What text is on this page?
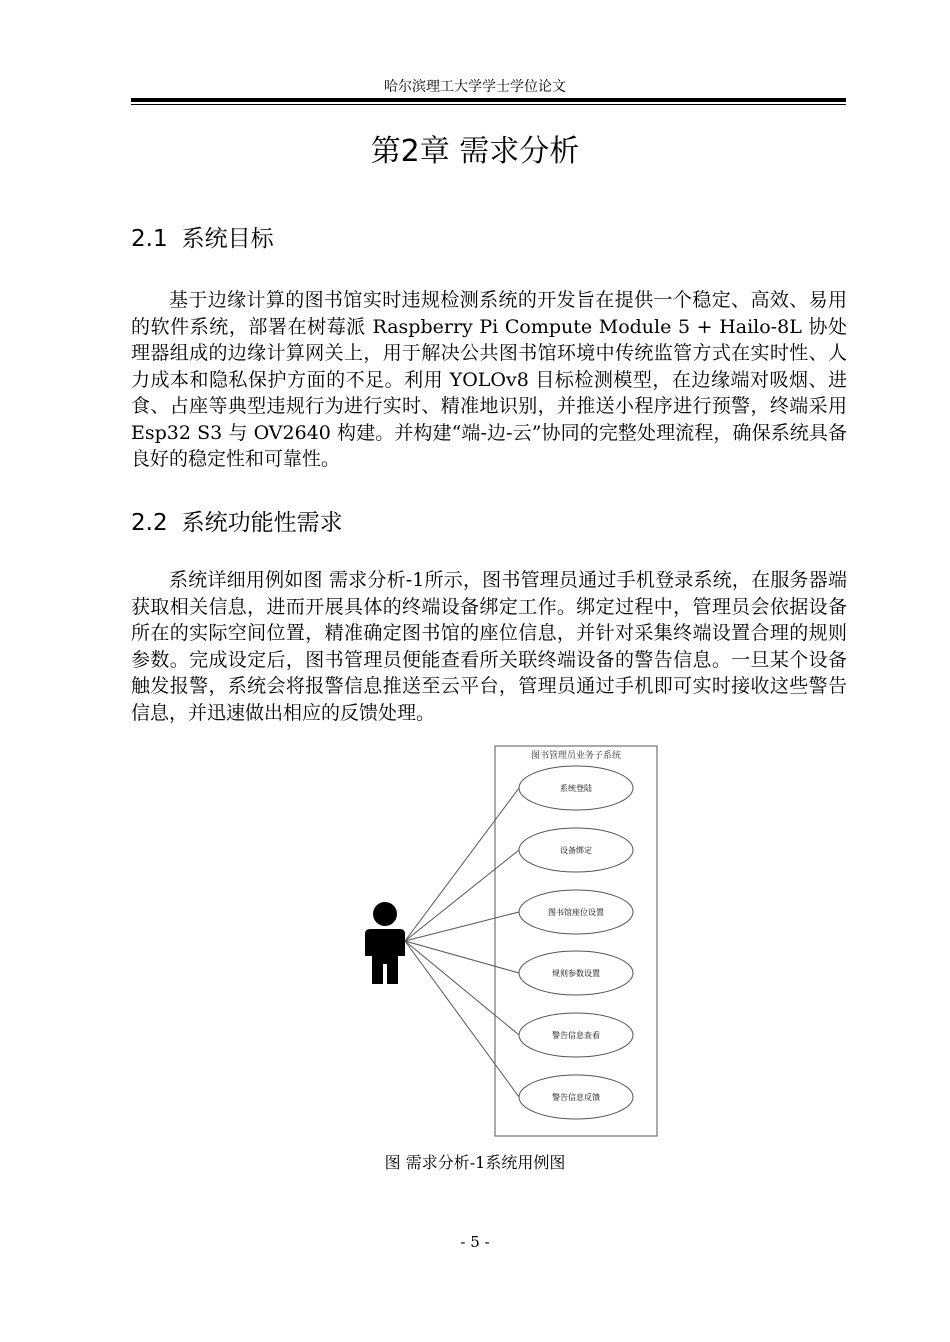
哈尔滨理工大学学士学位论文
第2章 需求分析
2.1 系统目标

基于边缘计算的图书馆实时违规检测系统的开发旨在提供一个稳定、高效、易用的软件系统，部署在树莓派 Raspberry Pi Compute Module 5 + Hailo-8L 协处理器组成的边缘计算网关上，用于解决公共图书馆环境中传统监管方式在实时性、人力成本和隐私保护方面的不足。利用 YOLOv8 目标检测模型，在边缘端对吸烟、进食、占座等典型违规行为进行实时、精准地识别，并推送小程序进行预警，终端采用 Esp32 S3 与 OV2640 构建。并构建“端-边-云”协同的完整处理流程，确保系统具备良好的稳定性和可靠性。

2.2 系统功能性需求

系统详细用例如图 需求分析-1所示，图书管理员通过手机登录系统，在服务器端获取相关信息，进而开展具体的终端设备绑定工作。绑定过程中，管理员会依据设备所在的实际空间位置，精准确定图书馆的座位信息，并针对采集终端设置合理的规则参数。完成设定后，图书管理员便能查看所关联终端设备的警告信息。一旦某个设备触发报警，系统会将报警信息推送至云平台，管理员通过手机即可实时接收这些警告信息，并迅速做出相应的反馈处理。

图书管理员业务子系统
系统登陆
设备绑定
图书馆座位设置
规则参数设置
警告信息查看
警告信息反馈
图 需求分析-1系统用例图
- 5 -
